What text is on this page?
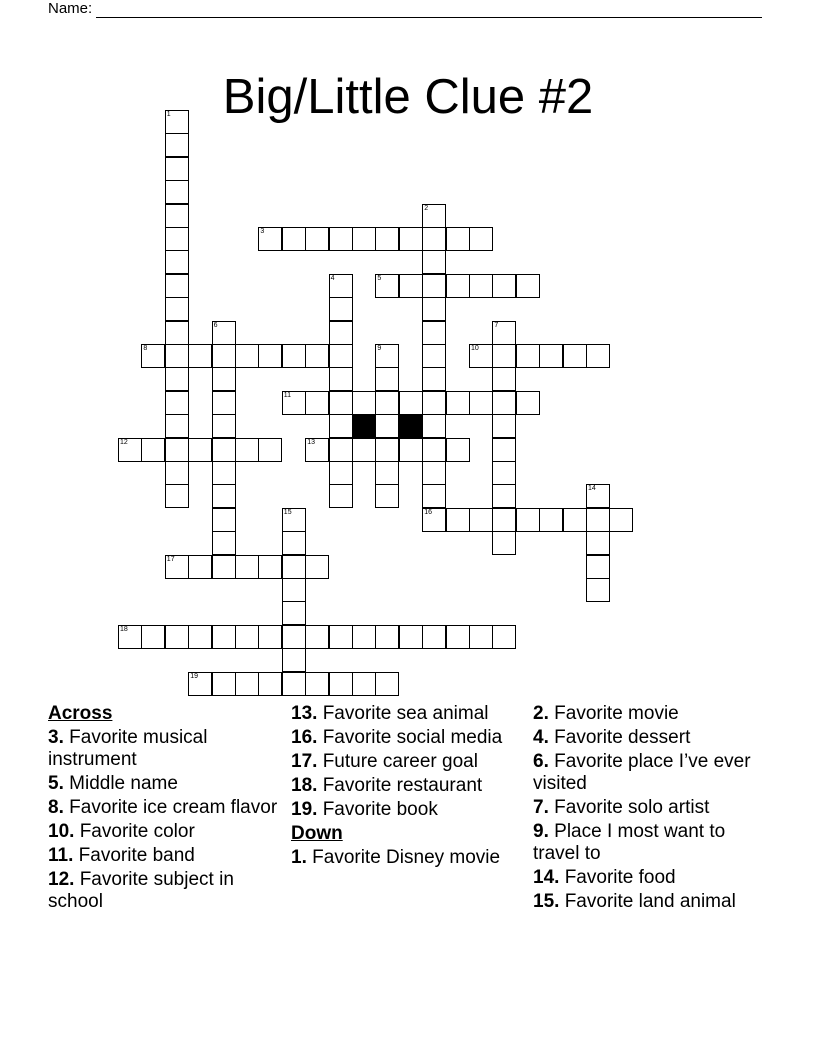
Name:
Big/Little Clue #2
1
2
16
3
4	5
6	7
8	9	10
11
12	13
14
15
17
18
19
Across
3. Favorite musical instrument
5. Middle name
8. Favorite ice cream flavor
10. Favorite color
11. Favorite band
12. Favorite subject in school
13. Favorite sea animal
16. Favorite social media
17. Future career goal
18. Favorite restaurant
19. Favorite book
Down
1. Favorite Disney movie
2. Favorite movie
4. Favorite dessert
6. Favorite place I’ve ever visited
7. Favorite solo artist
9. Place I most want to travel to
14. Favorite food
15. Favorite land animal
